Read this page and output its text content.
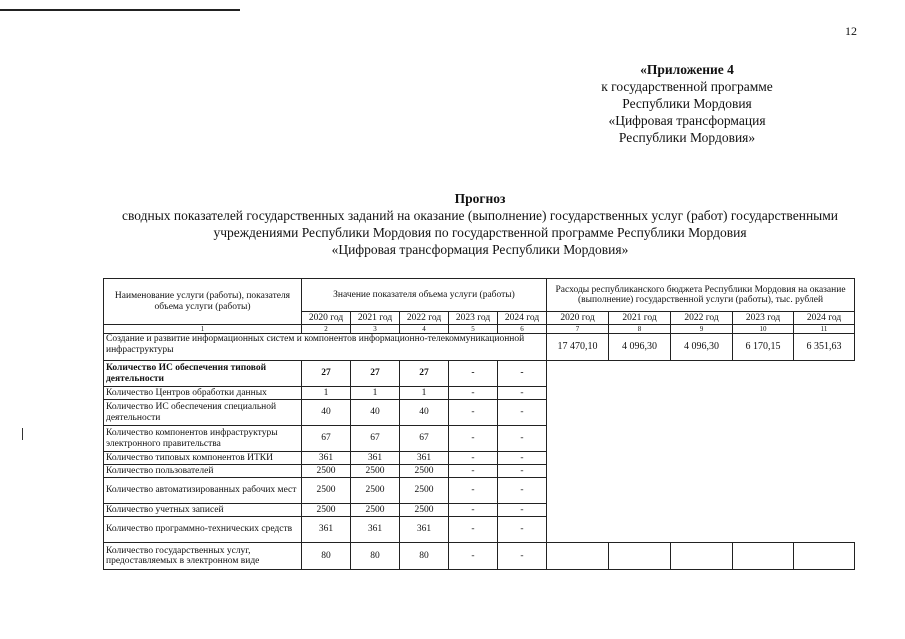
12
«Приложение 4
к государственной программе
Республики Мордовия
«Цифровая трансформация
Республики Мордовия»
Прогноз
сводных показателей государственных заданий на оказание (выполнение) государственных услуг (работ) государственными
учреждениями Республики Мордовия по государственной программе Республики Мордовия
«Цифровая трансформация Республики Мордовия»
Наименование услуги (работы), показателя объема услуги (работы)	Значение показателя объема услуги (работы)					Расходы республиканского бюджета Республики Мордовия на оказание (выполнение) государственной услуги (работы), тыс. рублей				
	2020 год	2021 год	2022 год	2023 год	2024 год	2020 год	2021 год	2022 год	2023 год	2024 год
1	2	3	4	5	6	7	8	9	10	11
Создание и развитие информационных систем и компонентов информационно-телекоммуникационной инфраструктуры						17 470,10	4 096,30	4 096,30	6 170,15	6 351,63
Количество ИС обеспечения типовой деятельности	27	27	27	-	-					
Количество Центров обработки данных	1	1	1	-	-					
Количество ИС обеспечения специальной деятельности	40	40	40	-	-					
Количество компонентов инфраструктуры электронного правительства	67	67	67	-	-					
Количество типовых компонентов ИТКИ	361	361	361	-	-					
Количество пользователей	2500	2500	2500	-	-					
Количество автоматизированных рабочих мест	2500	2500	2500	-	-					
Количество учетных записей	2500	2500	2500	-	-					
Количество программно-технических средств	361	361	361	-	-					
Количество государственных услуг, предоставляемых в электронном виде	80	80	80	-	-					
